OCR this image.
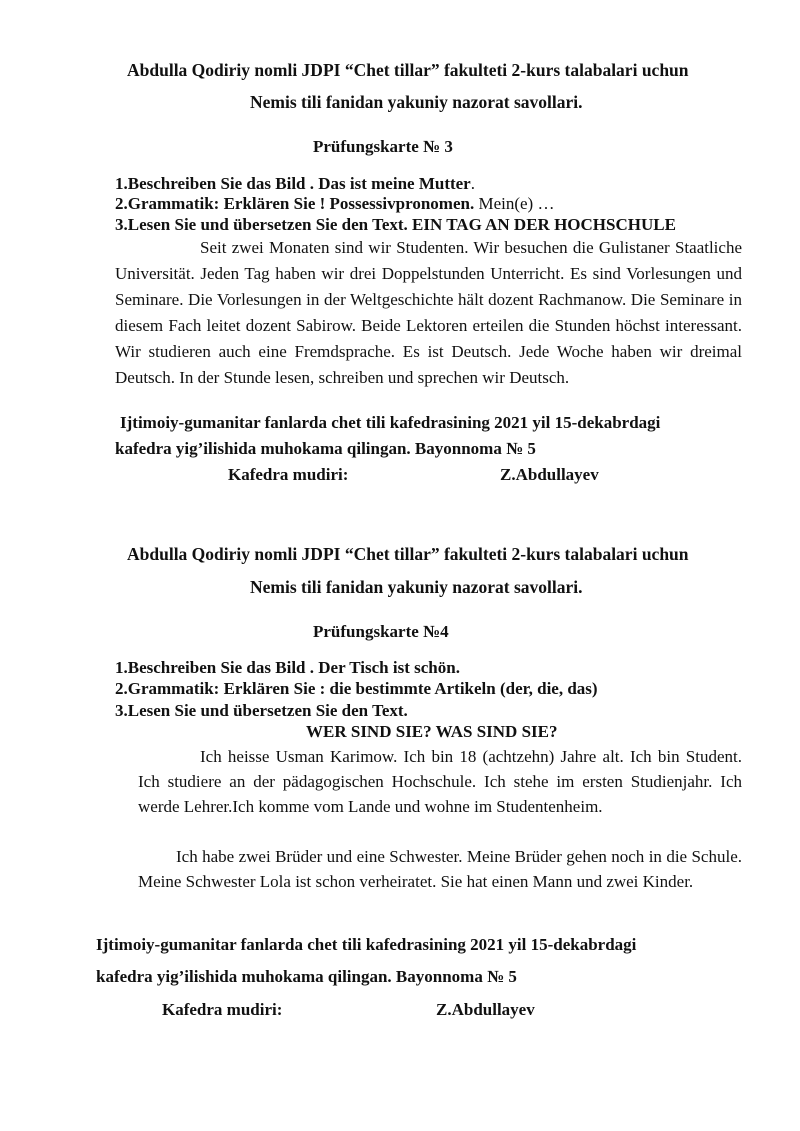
Abdulla Qodiriy nomli JDPI “Chet tillar” fakulteti 2-kurs talabalari uchun
Nemis tili fanidan yakuniy nazorat savollari.
Prüfungskarte № 3
1.Beschreiben Sie das Bild . Das ist meine Mutter.
2.Grammatik: Erklären Sie ! Possessivpronomen. Mein(e) …
3.Lesen Sie und übersetzen Sie den Text. EIN TAG AN DER HOCHSCHULE
Seit zwei Monaten sind wir Studenten. Wir besuchen die Gulistaner Staatliche Universität. Jeden Tag haben wir drei Doppelstunden Unterricht. Es sind Vorlesungen und Seminare. Die Vorlesungen in der Weltgeschichte hält dozent Rachmanow. Die Seminare in diesem Fach leitet dozent Sabirow. Beide Lektoren erteilen die Stunden höchst interessant. Wir studieren auch eine Fremdsprache. Es ist Deutsch. Jede Woche haben wir dreimal Deutsch. In der Stunde lesen, schreiben und sprechen wir Deutsch.
Ijtimoiy-gumanitar fanlarda chet tili kafedrasining 2021 yil 15-dekabrdagi
kafedra yig’ilishida muhokama qilingan. Bayonnoma № 5
Kafedra mudiri:	Z.Abdullayev
Abdulla Qodiriy nomli JDPI “Chet tillar” fakulteti 2-kurs talabalari uchun
Nemis tili fanidan yakuniy nazorat savollari.
Prüfungskarte №4
1.Beschreiben Sie das Bild . Der Tisch ist schön.
2.Grammatik: Erklären Sie : die bestimmte Artikeln (der, die, das)
3.Lesen Sie und übersetzen Sie den Text.
WER SIND SIE? WAS SIND SIE?
Ich heisse Usman Karimow. Ich bin 18 (achtzehn) Jahre alt. Ich bin Student. Ich studiere an der pädagogischen Hochschule. Ich stehe im ersten Studienjahr. Ich werde Lehrer.Ich komme vom Lande und wohne im Studentenheim.
Ich habe zwei Brüder und eine Schwester. Meine Brüder gehen noch in die Schule. Meine Schwester Lola ist schon verheiratet. Sie hat einen Mann und zwei Kinder.
Ijtimoiy-gumanitar fanlarda chet tili kafedrasining 2021 yil 15-dekabrdagi
kafedra yig’ilishida muhokama qilingan. Bayonnoma № 5
Kafedra mudiri:	Z.Abdullayev
